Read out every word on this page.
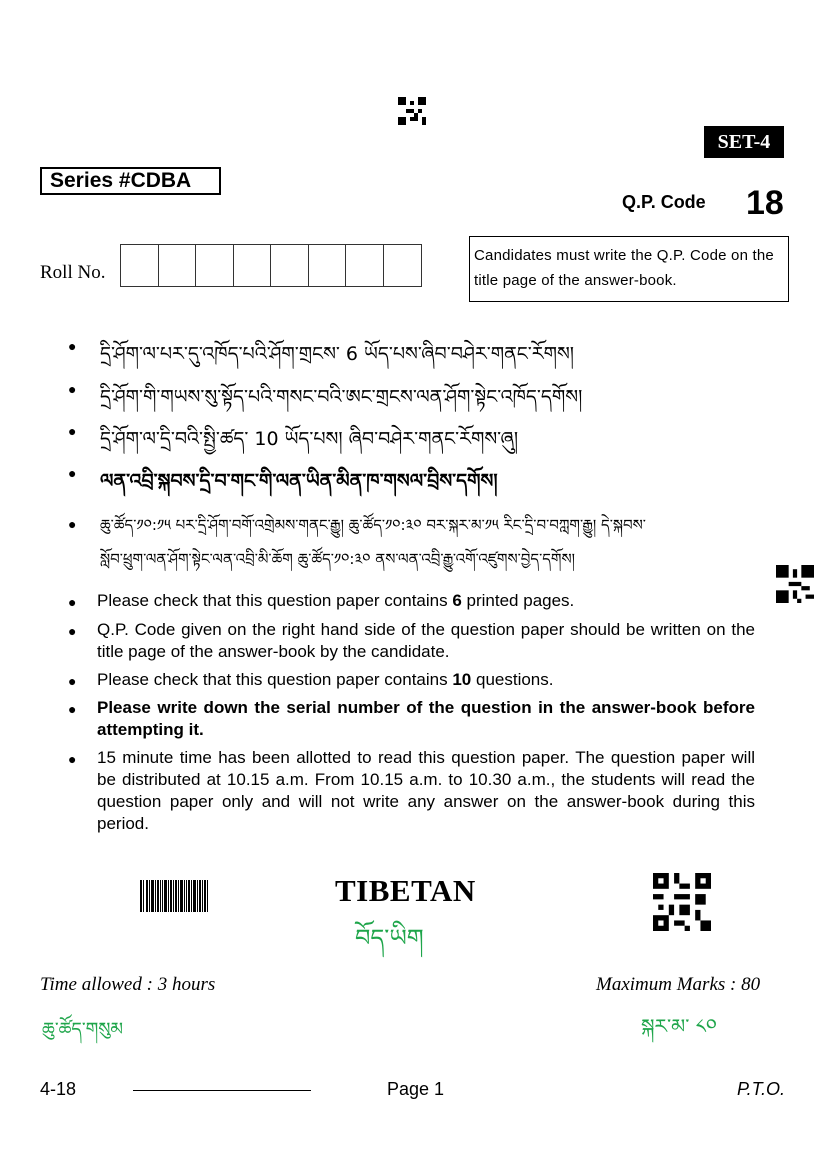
SET-4
Series #CDBA
Q.P. Code 18
Roll No.
Candidates must write the Q.P. Code on the title page of the answer-book.
● དྲི་ཤོག་ལ་པར་དུ་འཁོད་པའི་ཤོག་གྲངས་ 6 ཡོད་པས་ཞིབ་བཤེར་གནང་རོགས།
● དྲི་ཤོག་གི་གཡས་སུ་སྟོད་པའི་གསང་བའི་ཨང་གྲངས་ལན་ཤོག་སྟེང་འཁོད་དགོས།
● དྲི་ཤོག་ལ་དྲི་བའི་སྤྱི་ཚད་ 10 ཡོད་པས། ཞིབ་བཤེར་གནང་རོགས་ཞུ།
● ལན་འབྲི་སྐབས་དྲི་བ་གང་གི་ལན་ཡིན་མིན་ཁ་གསལ་བྲིས་དགོས།
● ཆུ་ཚོད་༡༠:༡༥ པར་དྲི་ཤོག་བགོ་འགྲེམས་གནང་རྒྱུ། ཆུ་ཚོད་༡༠:༣༠ བར་སྐར་མ་༡༥ རིང་དྲི་བ་བཀླག་རྒྱུ། དེ་སྐབས་
སློབ་ཕྲུག་ལན་ཤོག་སྟེང་ལན་འབྲི་མི་ཆོག ཆུ་ཚོད་༡༠:༣༠ ནས་ལན་འབྲི་རྒྱུ་འགོ་འཛུགས་བྱེད་དགོས།
● Please check that this question paper contains 6 printed pages.
● Q.P. Code given on the right hand side of the question paper should be written on the title page of the answer-book by the candidate.
● Please check that this question paper contains 10 questions.
● Please write down the serial number of the question in the answer-book before attempting it.
● 15 minute time has been allotted to read this question paper. The question paper will be distributed at 10.15 a.m. From 10.15 a.m. to 10.30 a.m., the students will read the question paper only and will not write any answer on the answer-book during this period.
TIBETAN
བོད་ཡིག
Time allowed : 3 hours	Maximum Marks : 80
ཆུ་ཚོད་གསུམ	སྐར་མ་ ༨༠
4-18	Page 1	P.T.O.
